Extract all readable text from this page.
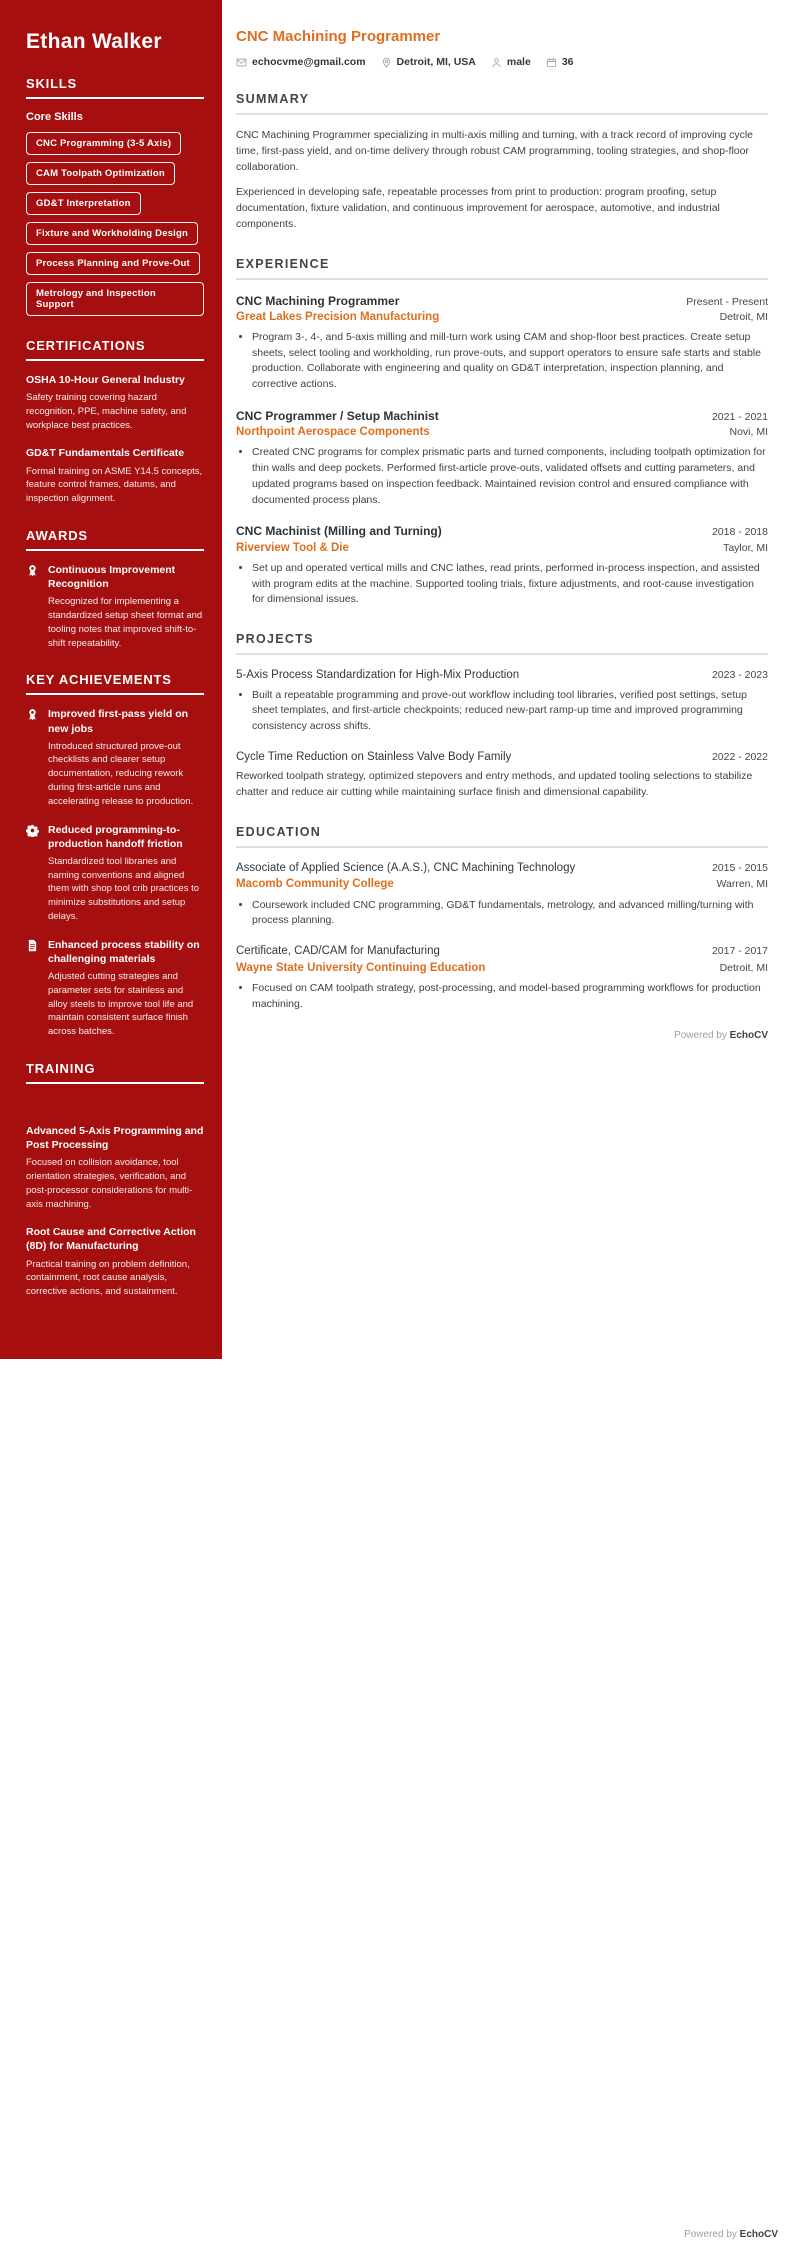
Ethan Walker
SKILLS
Core Skills
CNC Programming (3-5 Axis)
CAM Toolpath Optimization
GD&T Interpretation
Fixture and Workholding Design
Process Planning and Prove-Out
Metrology and Inspection Support
CERTIFICATIONS
OSHA 10-Hour General Industry

Safety training covering hazard recognition, PPE, machine safety, and workplace best practices.

GD&T Fundamentals Certificate

Formal training on ASME Y14.5 concepts, feature control frames, datums, and inspection alignment.

AWARDS
Continuous Improvement Recognition

Recognized for implementing a standardized setup sheet format and tooling notes that improved shift-to-shift repeatability.

KEY ACHIEVEMENTS
Improved first-pass yield on new jobs

Introduced structured prove-out checklists and clearer setup documentation, reducing rework during first-article runs and accelerating release to production.

Reduced programming-to-production handoff friction

Standardized tool libraries and naming conventions and aligned them with shop tool crib practices to minimize substitutions and setup delays.

Enhanced process stability on challenging materials

Adjusted cutting strategies and parameter sets for stainless and alloy steels to improve tool life and maintain consistent surface finish across batches.

TRAINING
Advanced 5-Axis Programming and Post Processing

Focused on collision avoidance, tool orientation strategies, verification, and post-processor considerations for multi-axis machining.

Root Cause and Corrective Action (8D) for Manufacturing

Practical training on problem definition, containment, root cause analysis, corrective actions, and sustainment.

CNC Machining Programmer
echocvme@gmail.com	Detroit, MI, USA	male	36
SUMMARY

CNC Machining Programmer specializing in multi-axis milling and turning, with a track record of improving cycle time, first-pass yield, and on-time delivery through robust CAM programming, tooling strategies, and shop-floor collaboration.

Experienced in developing safe, repeatable processes from print to production: program proofing, setup documentation, fixture validation, and continuous improvement for aerospace, automotive, and industrial components.

EXPERIENCE
CNC Machining Programmer	Present - Present
Great Lakes Precision Manufacturing	Detroit, MI
• Program 3-, 4-, and 5-axis milling and mill-turn work using CAM and shop-floor best practices. Create setup sheets, select tooling and workholding, run prove-outs, and support operators to ensure safe starts and stable production. Collaborate with engineering and quality on GD&T interpretation, inspection planning, and corrective actions.
CNC Programmer / Setup Machinist	2021 - 2021
Northpoint Aerospace Components	Novi, MI
• Created CNC programs for complex prismatic parts and turned components, including toolpath optimization for thin walls and deep pockets. Performed first-article prove-outs, validated offsets and cutting parameters, and updated programs based on inspection feedback. Maintained revision control and ensured compliance with documented process plans.
CNC Machinist (Milling and Turning)	2018 - 2018
Riverview Tool & Die	Taylor, MI
• Set up and operated vertical mills and CNC lathes, read prints, performed in-process inspection, and assisted with program edits at the machine. Supported tooling trials, fixture adjustments, and root-cause investigation for dimensional issues.
PROJECTS
5-Axis Process Standardization for High-Mix Production	2023 - 2023
• Built a repeatable programming and prove-out workflow including tool libraries, verified post settings, setup sheet templates, and first-article checkpoints; reduced new-part ramp-up time and improved programming consistency across shifts.
Cycle Time Reduction on Stainless Valve Body Family	2022 - 2022

Reworked toolpath strategy, optimized stepovers and entry methods, and updated tooling selections to stabilize chatter and reduce air cutting while maintaining surface finish and dimensional capability.

EDUCATION
Associate of Applied Science (A.A.S.), CNC Machining Technology	2015 - 2015
Macomb Community College	Warren, MI
• Coursework included CNC programming, GD&T fundamentals, metrology, and advanced milling/turning with process planning.
Certificate, CAD/CAM for Manufacturing	2017 - 2017
Wayne State University Continuing Education	Detroit, MI
• Focused on CAM toolpath strategy, post-processing, and model-based programming workflows for production machining.
Powered by EchoCV
Powered by EchoCV
